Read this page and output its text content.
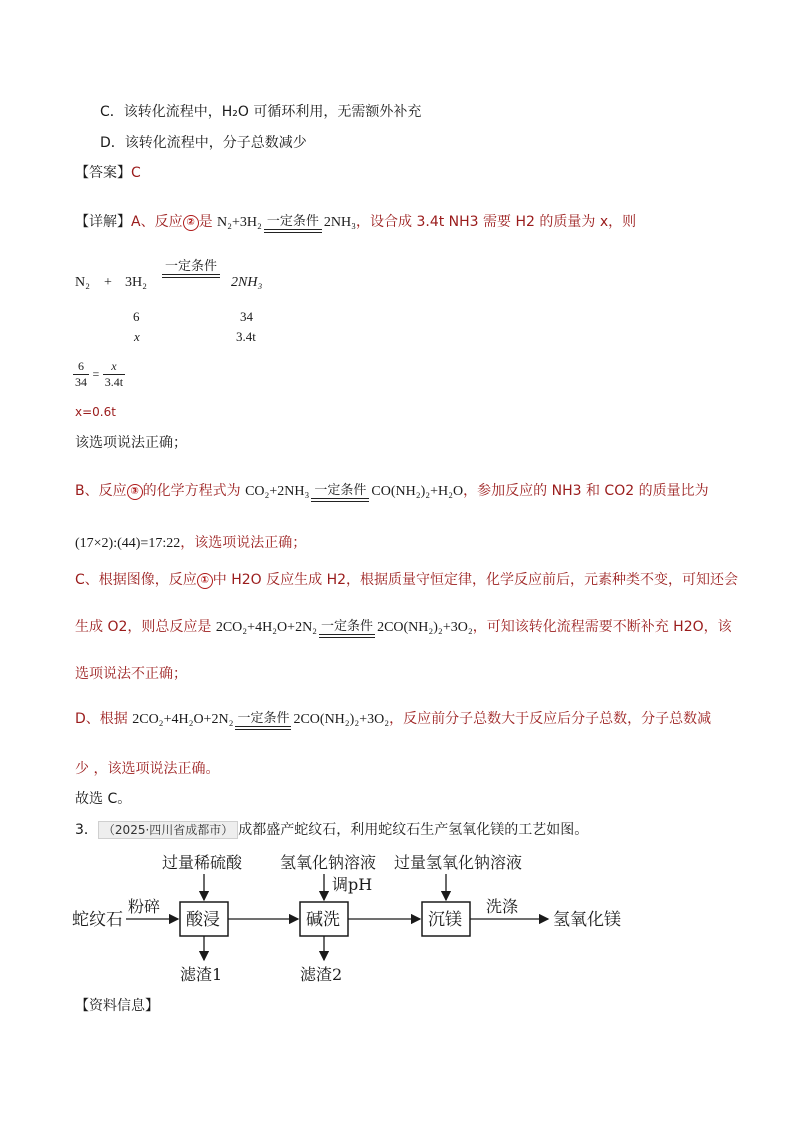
C．该转化流程中，H₂O 可循环利用，无需额外补充
D．该转化流程中，分子总数减少
【答案】C
【详解】A、反应 ② 是 N₂+3H₂ 一定条件 2NH₃，设合成 3.4t NH3 需要 H2 的质量为 x，则
N₂ + 3H₂
一定条件
2NH₃
6	34
x	3.4t
$\frac{6}{34} = \frac{x}{3.4t}$
x=0.6t
该选项说法正确；
B、反应 ③ 的化学方程式为 CO₂+2NH₃ 一定条件 CO(NH₂)₂+H₂O，参加反应的 NH3 和 CO2 的质量比为
(17×2):(44)=17:22，该选项说法正确；
C、根据图像，反应 ① 中 H2O 反应生成 H2，根据质量守恒定律，化学反应前后，元素种类不变，可知还会
生成 O2，则总反应是 2CO₂+4H₂O+2N₂ 一定条件 2CO(NH₂)₂+3O₂，可知该转化流程需要不断补充 H2O，该
选项说法不正确；
D、根据 2CO₂+4H₂O+2N₂ 一定条件 2CO(NH₂)₂+3O₂，反应前分子总数大于反应后分子总数，分子总数减
少 ，该选项说法正确。
故选 C。
3． （2025·四川省成都市） 成都盛产蛇纹石，利用蛇纹石生产氢氧化镁的工艺如图。
蛇纹石
粉碎
酸浸	碱洗	沉镁
洗涤
氢氧化镁
过量稀硫酸 氢氧化钠溶液
调pH
过量氢氧化钠溶液
滤渣1	滤渣2
【资料信息】
